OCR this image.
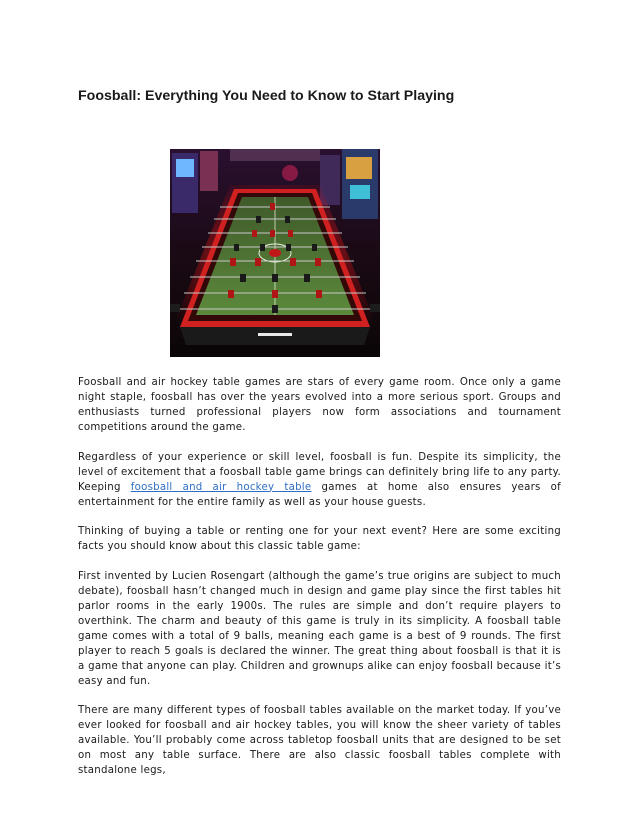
Foosball: Everything You Need to Know to Start Playing

Foosball and air hockey table games are stars of every game room. Once only a game night staple, foosball has over the years evolved into a more serious sport. Groups and enthusiasts turned professional players now form associations and tournament competitions around the game.

Regardless of your experience or skill level, foosball is fun. Despite its simplicity, the level of excitement that a foosball table game brings can definitely bring life to any party. Keeping foosball and air hockey table games at home also ensures years of entertainment for the entire family as well as your house guests.

Thinking of buying a table or renting one for your next event? Here are some exciting facts you should know about this classic table game:

First invented by Lucien Rosengart (although the game’s true origins are subject to much debate), foosball hasn’t changed much in design and game play since the first tables hit parlor rooms in the early 1900s. The rules are simple and don’t require players to overthink. The charm and beauty of this game is truly in its simplicity. A foosball table game comes with a total of 9 balls, meaning each game is a best of 9 rounds. The first player to reach 5 goals is declared the winner. The great thing about foosball is that it is a game that anyone can play. Children and grownups alike can enjoy foosball because it’s easy and fun.

There are many different types of foosball tables available on the market today. If you’ve ever looked for foosball and air hockey tables, you will know the sheer variety of tables available. You’ll probably come across tabletop foosball units that are designed to be set on most any table surface. There are also classic foosball tables complete with standalone legs,
